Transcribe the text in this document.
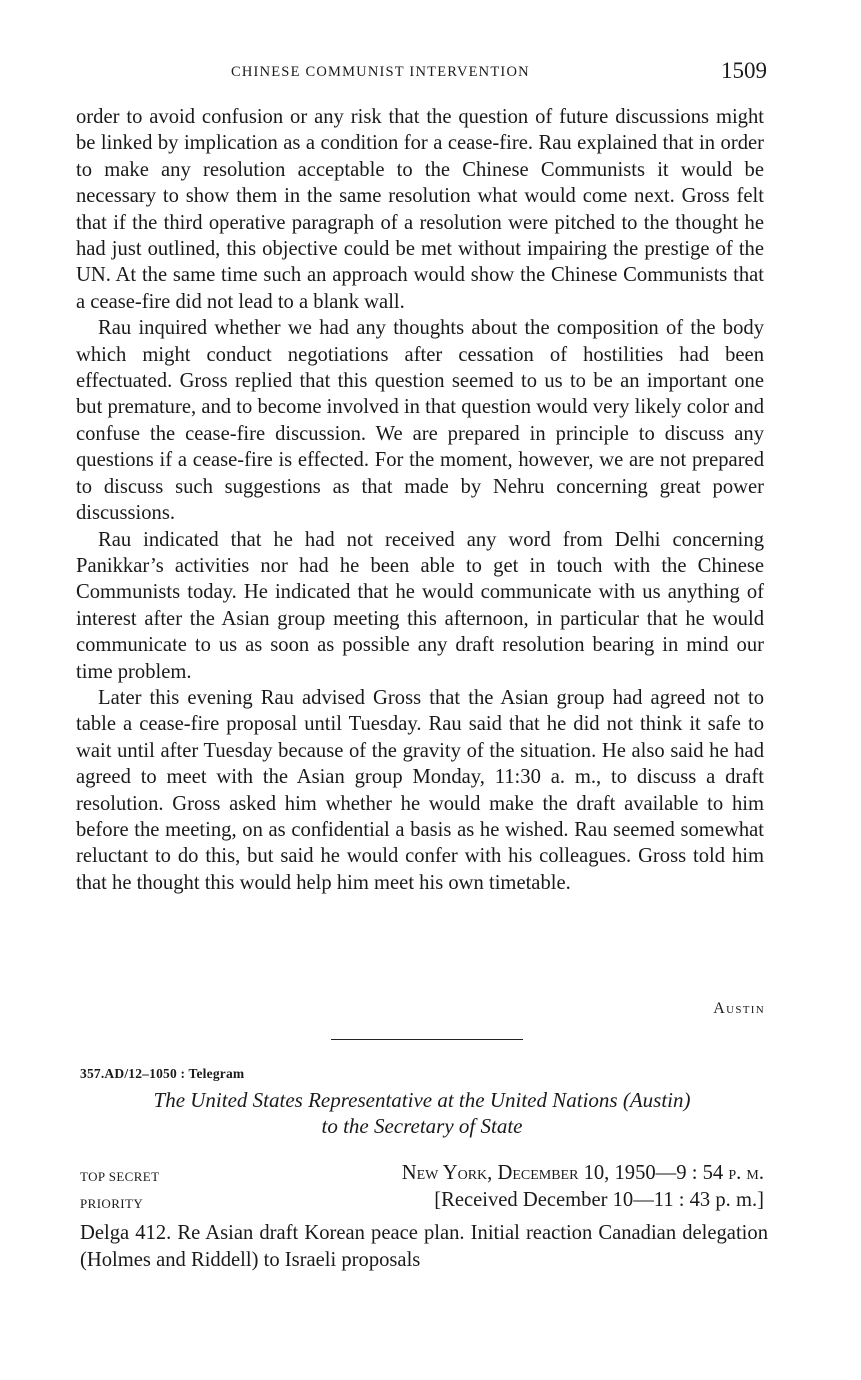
CHINESE COMMUNIST INTERVENTION	1509

order to avoid confusion or any risk that the question of future discussions might be linked by implication as a condition for a cease-fire. Rau explained that in order to make any resolution acceptable to the Chinese Communists it would be necessary to show them in the same resolution what would come next. Gross felt that if the third operative paragraph of a resolution were pitched to the thought he had just outlined, this objective could be met without impairing the prestige of the UN. At the same time such an approach would show the Chinese Communists that a cease-fire did not lead to a blank wall.

Rau inquired whether we had any thoughts about the composition of the body which might conduct negotiations after cessation of hostilities had been effectuated. Gross replied that this question seemed to us to be an important one but premature, and to become involved in that question would very likely color and confuse the cease-fire discussion. We are prepared in principle to discuss any questions if a cease-fire is effected. For the moment, however, we are not prepared to discuss such suggestions as that made by Nehru concerning great power discussions.

Rau indicated that he had not received any word from Delhi concerning Panikkar’s activities nor had he been able to get in touch with the Chinese Communists today. He indicated that he would communicate with us anything of interest after the Asian group meeting this afternoon, in particular that he would communicate to us as soon as possible any draft resolution bearing in mind our time problem.

Later this evening Rau advised Gross that the Asian group had agreed not to table a cease-fire proposal until Tuesday. Rau said that he did not think it safe to wait until after Tuesday because of the gravity of the situation. He also said he had agreed to meet with the Asian group Monday, 11:30 a. m., to discuss a draft resolution. Gross asked him whether he would make the draft available to him before the meeting, on as confidential a basis as he wished. Rau seemed somewhat reluctant to do this, but said he would confer with his colleagues. Gross told him that he thought this would help him meet his own timetable.

Austin
357.AD/12–1050 : Telegram
The United States Representative at the United Nations (Austin)
to the Secretary of State
TOP SECRET	New York, December 10, 1950—9 : 54 p. m.
PRIORITY	[Received December 10—11 : 43 p. m.]

Delga 412. Re Asian draft Korean peace plan. Initial reaction Canadian delegation (Holmes and Riddell) to Israeli proposals
